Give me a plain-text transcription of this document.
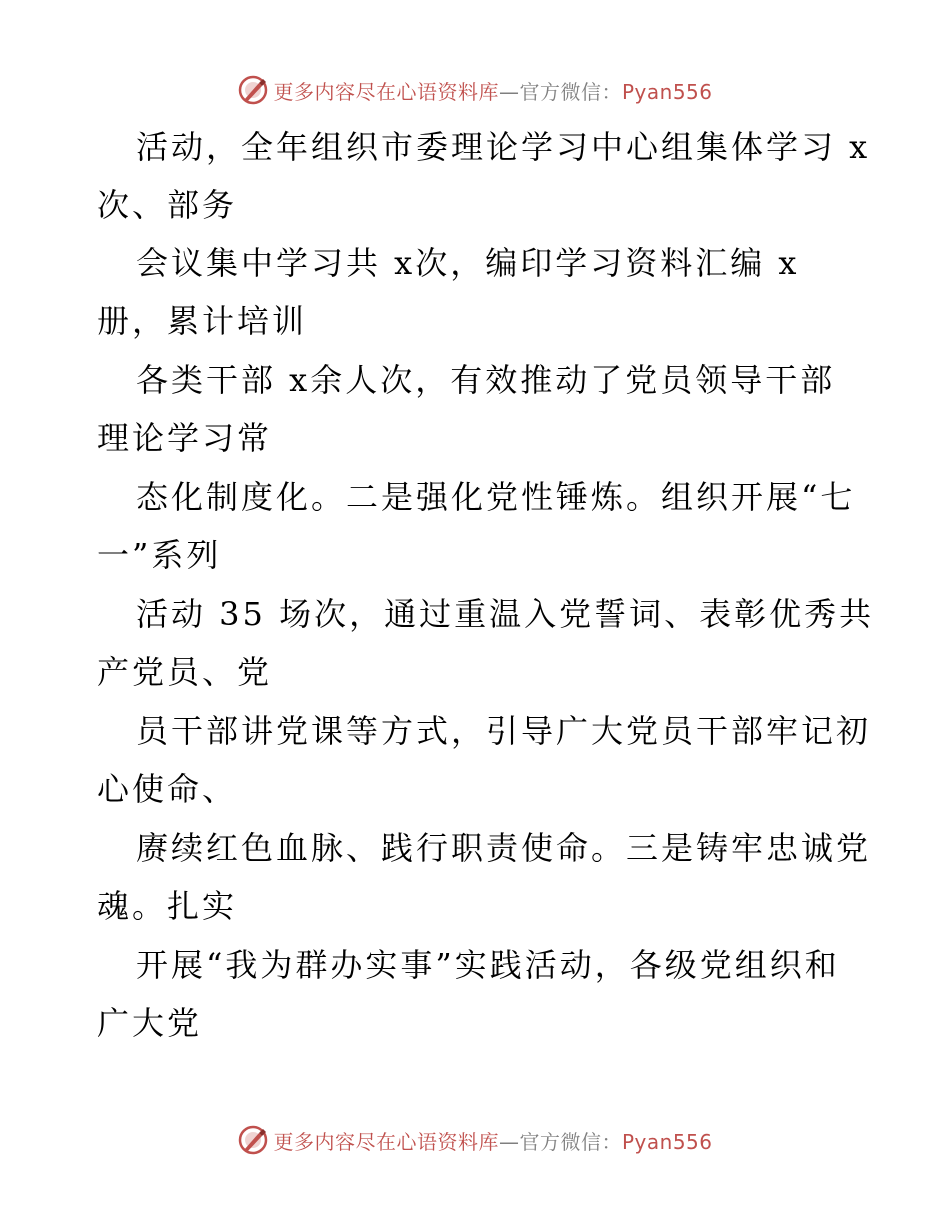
更多内容尽在心语资料库—官方微信：Pyan556
活动，全年组织市委理论学习中心组集体学习 x
次、部务
会议集中学习共 x次，编印学习资料汇编 x
册，累计培训
各类干部 x余人次，有效推动了党员领导干部
理论学习常
态化制度化。二是强化党性锤炼。组织开展“七
一”系列
活动 35 场次，通过重温入党誓词、表彰优秀共
产党员、党
员干部讲党课等方式，引导广大党员干部牢记初
心使命、
赓续红色血脉、践行职责使命。三是铸牢忠诚党
魂。扎实
开展“我为群办实事”实践活动，各级党组织和
广大党
更多内容尽在心语资料库—官方微信：Pyan556
